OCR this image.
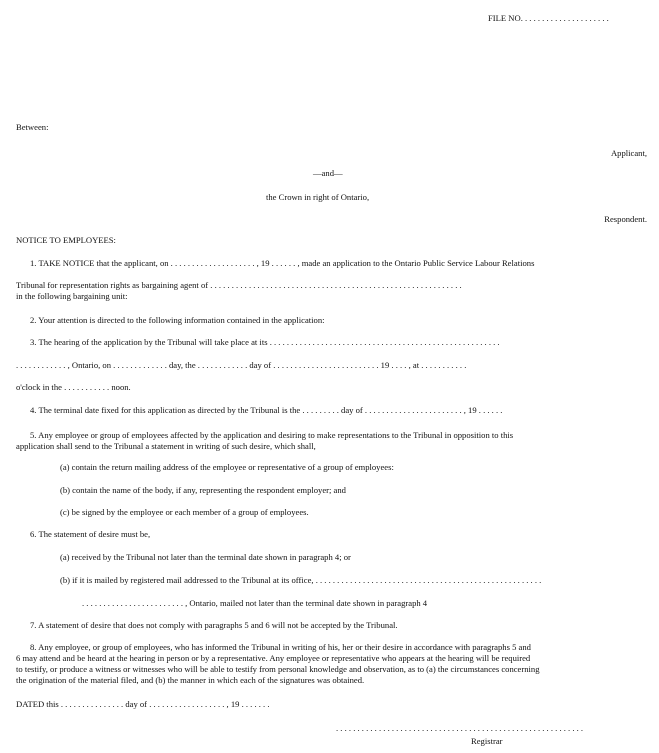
FILE NO. . . . . . . . . . . . . . . . . . . . .
Between:
Applicant,
—and—
the Crown in right of Ontario,
Respondent.
NOTICE TO EMPLOYEES:
1. TAKE NOTICE that the applicant, on . . . . . . . . . . . . . . . . . . . . , 19 . . . . . . , made an application to the Ontario Public Service Labour Relations
Tribunal for representation rights as bargaining agent of . . . . . . . . . . . . . . . . . . . . . . . . . . . . . . . . . . . . . . . . . . . . . . . . . . . . . . . . . . .
in the following bargaining unit:
2. Your attention is directed to the following information contained in the application:
3. The hearing of the application by the Tribunal will take place at its . . . . . . . . . . . . . . . . . . . . . . . . . . . . . . . . . . . . . . . . . . . . . . . . . . . . . .
. . . . . . . . . . . . , Ontario, on . . . . . . . . . . . . . day, the . . . . . . . . . . . . day of . . . . . . . . . . . . . . . . . . . . . . . . . 19 . . . . , at . . . . . . . . . . .
o'clock in the . . . . . . . . . . . noon.
4. The terminal date fixed for this application as directed by the Tribunal is the . . . . . . . . . day of . . . . . . . . . . . . . . . . . . . . . . . , 19 . . . . . .
5. Any employee or group of employees affected by the application and desiring to make representations to the Tribunal in opposition to this
application shall send to the Tribunal a statement in writing of such desire, which shall,
(a) contain the return mailing address of the employee or representative of a group of employees:
(b) contain the name of the body, if any, representing the respondent employer; and
(c) be signed by the employee or each member of a group of employees.
6. The statement of desire must be,
(a) received by the Tribunal not later than the terminal date shown in paragraph 4; or
(b) if it is mailed by registered mail addressed to the Tribunal at its office, . . . . . . . . . . . . . . . . . . . . . . . . . . . . . . . . . . . . . . . . . . . . . . . . . . . . .
. . . . . . . . . . . . . . . . . . . . . . . . , Ontario, mailed not later than the terminal date shown in paragraph 4
7. A statement of desire that does not comply with paragraphs 5 and 6 will not be accepted by the Tribunal.
8. Any employee, or group of employees, who has informed the Tribunal in writing of his, her or their desire in accordance with paragraphs 5 and
6 may attend and be heard at the hearing in person or by a representative. Any employee or representative who appears at the hearing will be required
to testify, or produce a witness or witnesses who will be able to testify from personal knowledge and observation, as to (a) the circumstances concerning
the origination of the material filed, and (b) the manner in which each of the signatures was obtained.
DATED this . . . . . . . . . . . . . . . day of . . . . . . . . . . . . . . . . . . , 19 . . . . . . .
. . . . . . . . . . . . . . . . . . . . . . . . . . . . . . . . . . . . . . . . . . . . . . . . . . . . . . . . . .
Registrar
